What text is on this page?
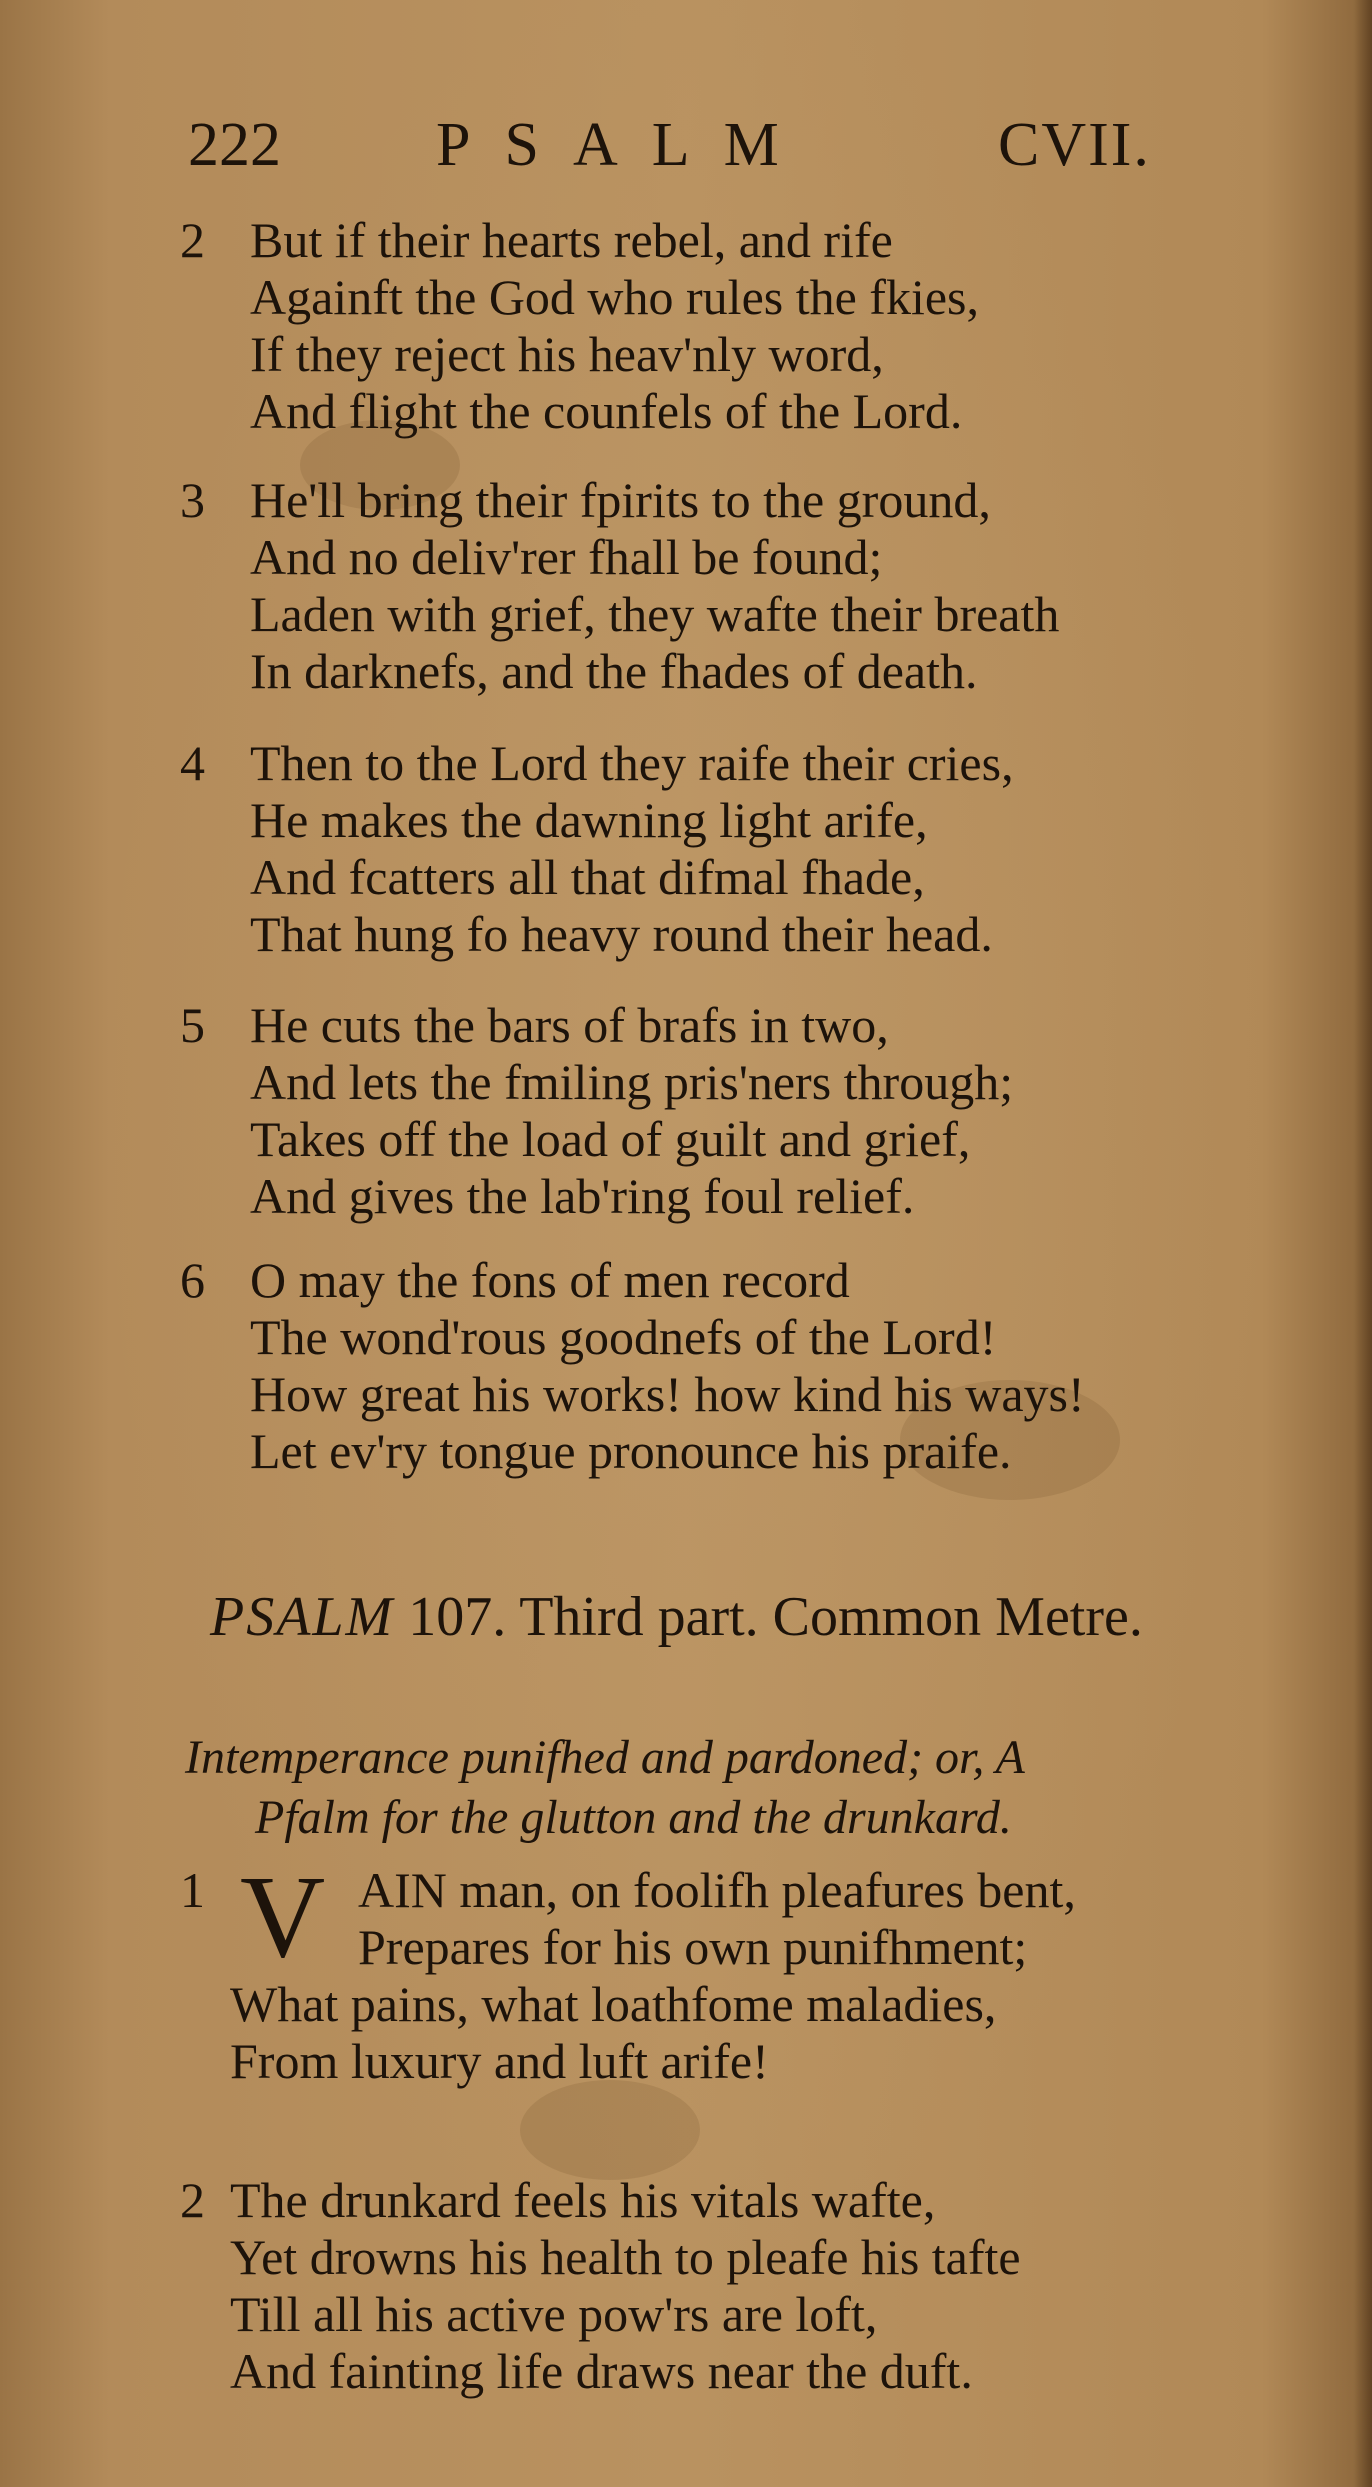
222	PSALM	CVII.
2 But if their hearts rebel, and rife
Againft the God who rules the fkies,
If they reject his heav'nly word,
And flight the counfels of the Lord.
3 He'll bring their fpirits to the ground,
And no deliv'rer fhall be found;
Laden with grief, they wafte their breath
In darknefs, and the fhades of death.
4 Then to the Lord they raife their cries,
He makes the dawning light arife,
And fcatters all that difmal fhade,
That hung fo heavy round their head.
5 He cuts the bars of brafs in two,
And lets the fmiling pris'ners through;
Takes off the load of guilt and grief,
And gives the lab'ring foul relief.
6 O may the fons of men record
The wond'rous goodnefs of the Lord!
How great his works! how kind his ways!
Let ev'ry tongue pronounce his praife.
PSALM 107. Third part. Common Metre.
Intemperance punifhed and pardoned; or, A
Pfalm for the glutton and the drunkard.
1 V AIN man, on foolifh pleafures bent,
Prepares for his own punifhment;
What pains, what loathfome maladies,
From luxury and luft arife!
2 The drunkard feels his vitals wafte,
Yet drowns his health to pleafe his tafte
Till all his active pow'rs are loft,
And fainting life draws near the duft.
